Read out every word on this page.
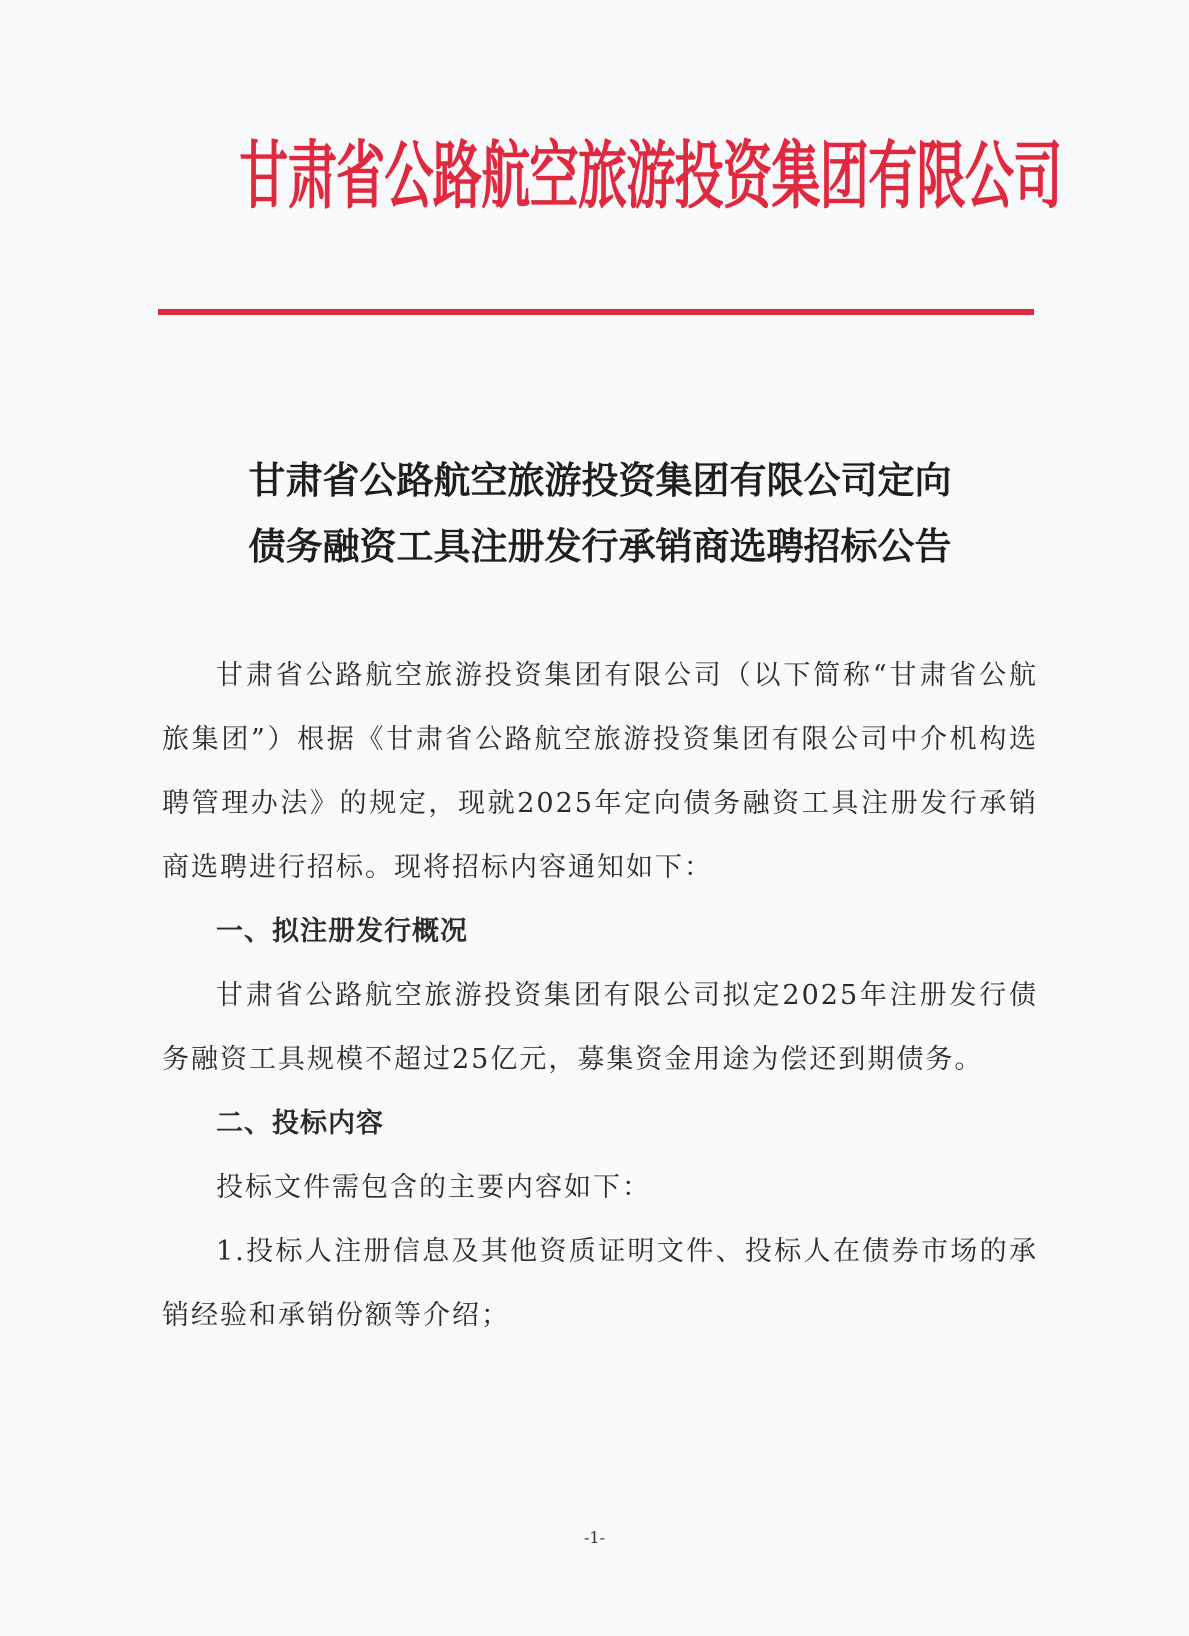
甘肃省公路航空旅游投资集团有限公司
甘肃省公路航空旅游投资集团有限公司定向
债务融资工具注册发行承销商选聘招标公告

甘肃省公路航空旅游投资集团有限公司（以下简称“甘肃省公航旅集团”）根据《甘肃省公路航空旅游投资集团有限公司中介机构选聘管理办法》的规定，现就2025年定向债务融资工具注册发行承销商选聘进行招标。现将招标内容通知如下：

一、拟注册发行概况

甘肃省公路航空旅游投资集团有限公司拟定2025年注册发行债务融资工具规模不超过25亿元，募集资金用途为偿还到期债务。

二、投标内容

投标文件需包含的主要内容如下：

1.投标人注册信息及其他资质证明文件、投标人在债券市场的承销经验和承销份额等介绍；

-1-
